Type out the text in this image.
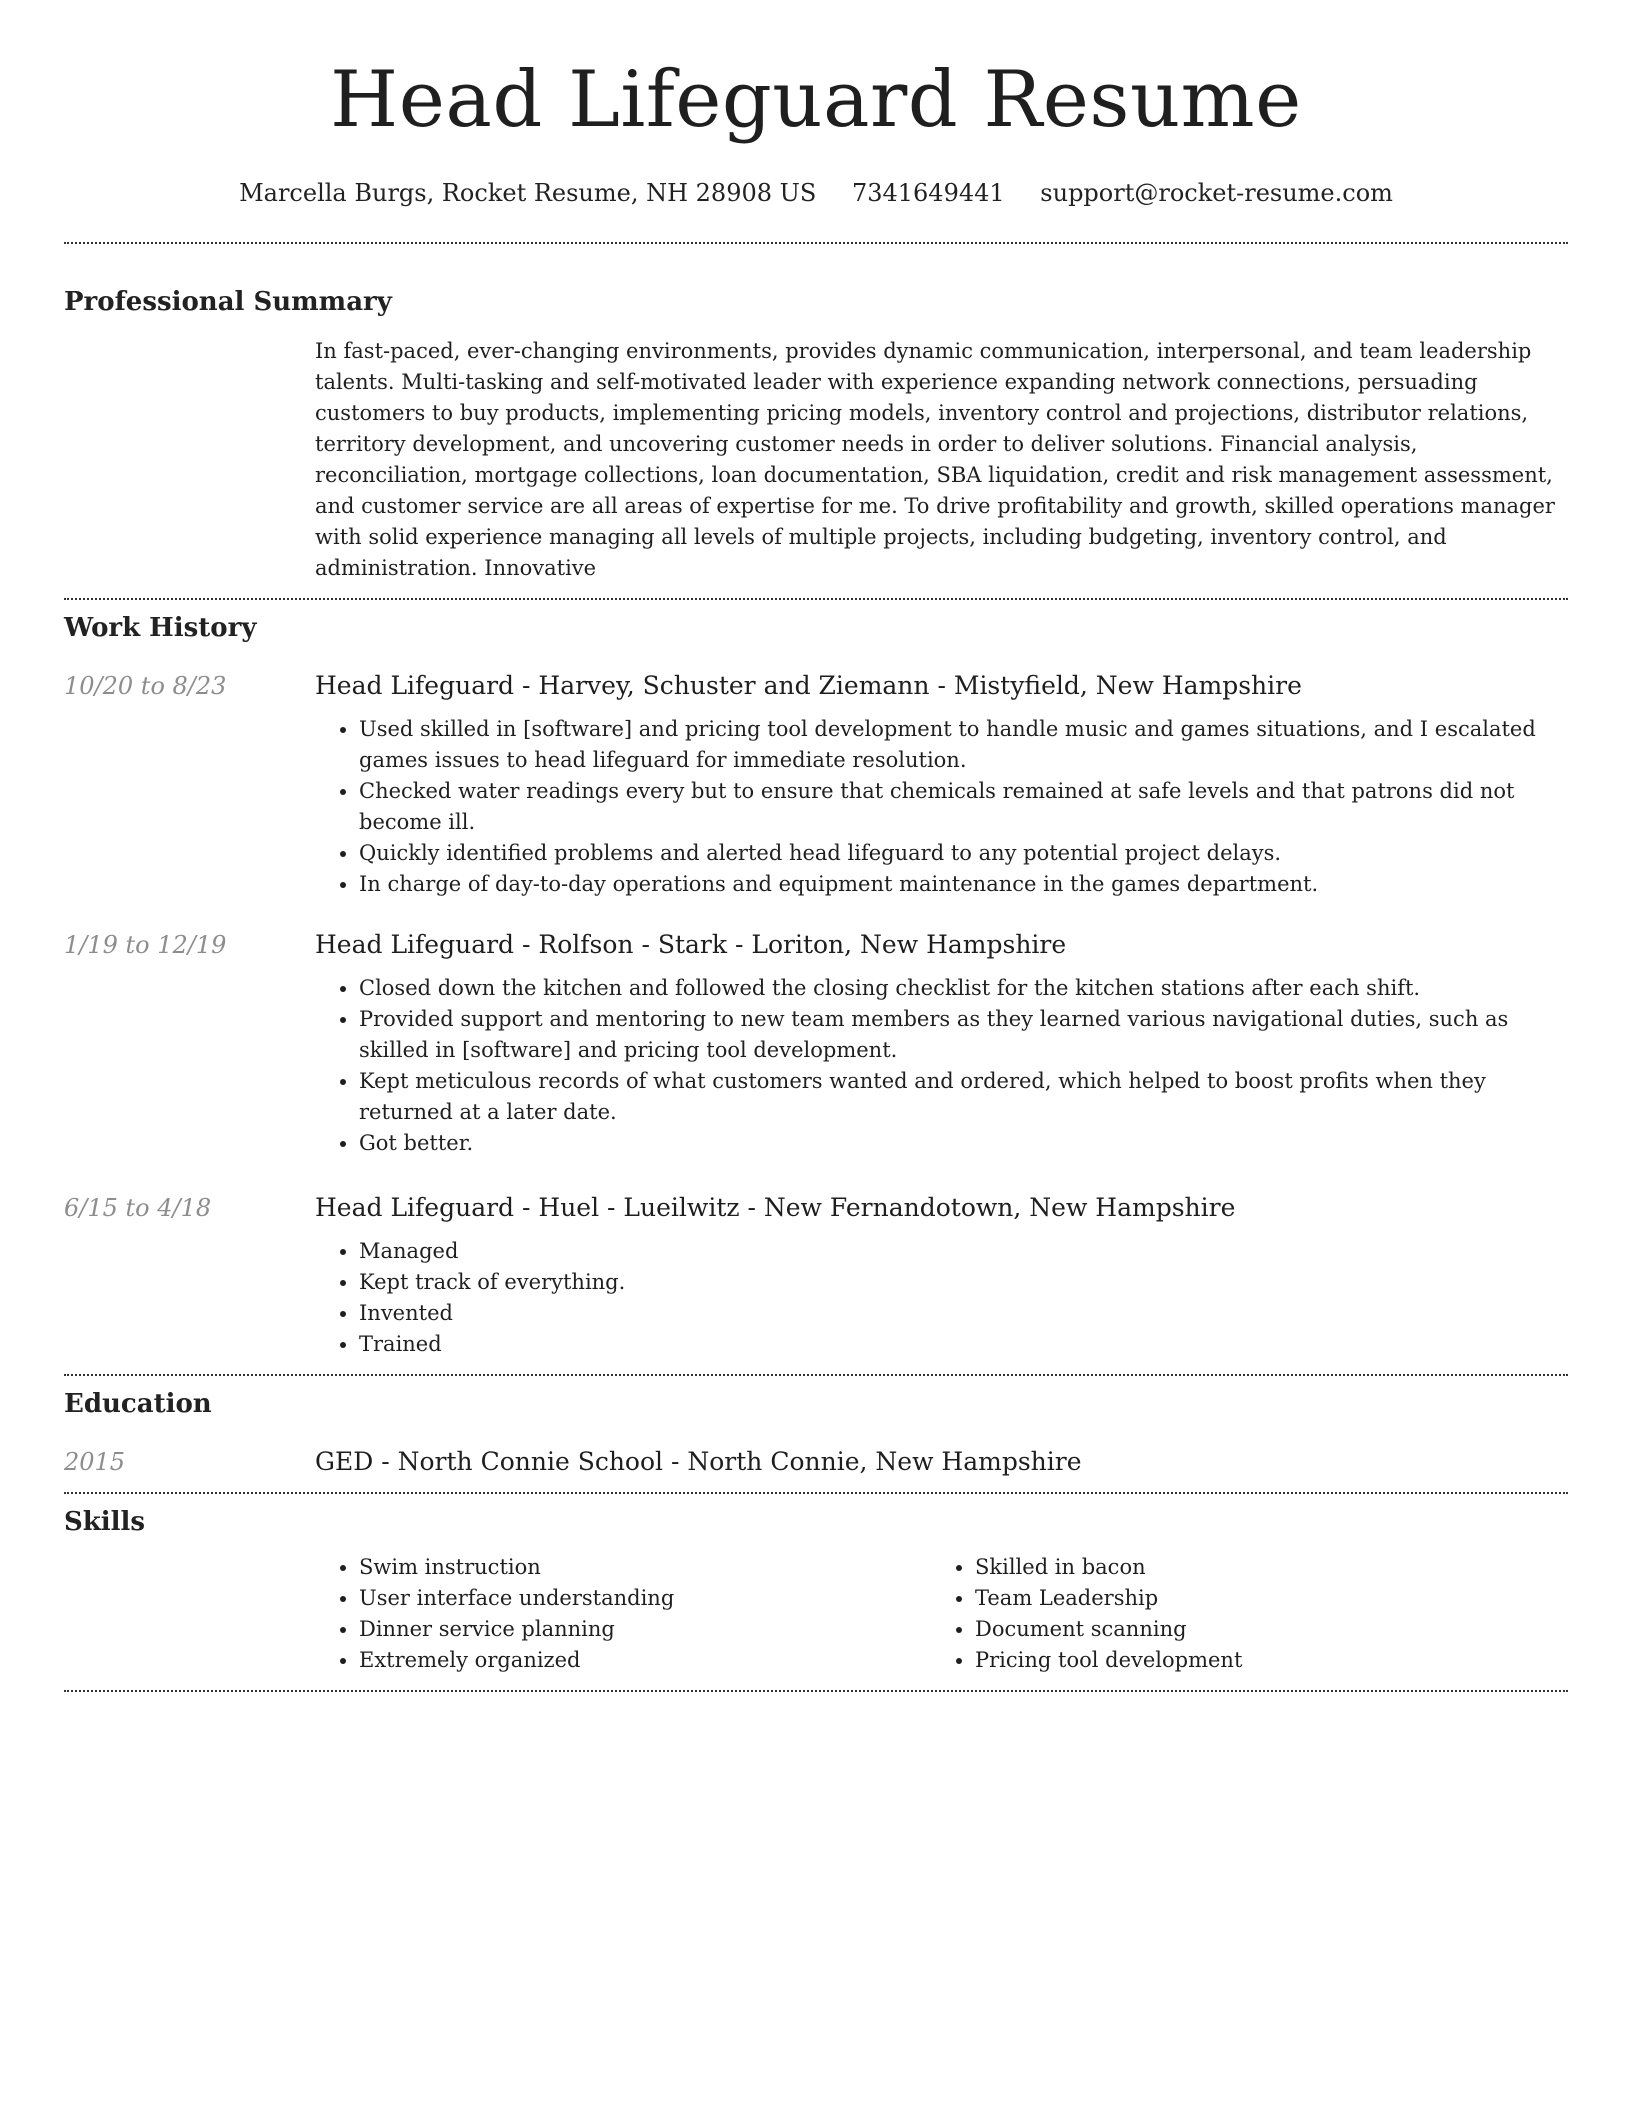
Head Lifeguard Resume
Marcella Burgs, Rocket Resume, NH 28908 US 7341649441 support@rocket-resume.com
Professional Summary
In fast-paced, ever-changing environments, provides dynamic communication, interpersonal, and team leadership talents. Multi-tasking and self-motivated leader with experience expanding network connections, persuading customers to buy products, implementing pricing models, inventory control and projections, distributor relations, territory development, and uncovering customer needs in order to deliver solutions. Financial analysis, reconciliation, mortgage collections, loan documentation, SBA liquidation, credit and risk management assessment, and customer service are all areas of expertise for me. To drive profitability and growth, skilled operations manager with solid experience managing all levels of multiple projects, including budgeting, inventory control, and administration. Innovative
Work History
10/20 to 8/23	Head Lifeguard - Harvey, Schuster and Ziemann - Mistyfield, New Hampshire
• Used skilled in [software] and pricing tool development to handle music and games situations, and I escalated games issues to head lifeguard for immediate resolution.
• Checked water readings every but to ensure that chemicals remained at safe levels and that patrons did not become ill.
• Quickly identified problems and alerted head lifeguard to any potential project delays.
• In charge of day-to-day operations and equipment maintenance in the games department.
1/19 to 12/19	Head Lifeguard - Rolfson - Stark - Loriton, New Hampshire
• Closed down the kitchen and followed the closing checklist for the kitchen stations after each shift.
• Provided support and mentoring to new team members as they learned various navigational duties, such as skilled in [software] and pricing tool development.
• Kept meticulous records of what customers wanted and ordered, which helped to boost profits when they returned at a later date.
• Got better.
6/15 to 4/18	Head Lifeguard - Huel - Lueilwitz - New Fernandotown, New Hampshire
• Managed
• Kept track of everything.
• Invented
• Trained
Education
2015	GED - North Connie School - North Connie, New Hampshire
Skills
• Swim instruction
• User interface understanding
• Dinner service planning
• Extremely organized
• Skilled in bacon
• Team Leadership
• Document scanning
• Pricing tool development
